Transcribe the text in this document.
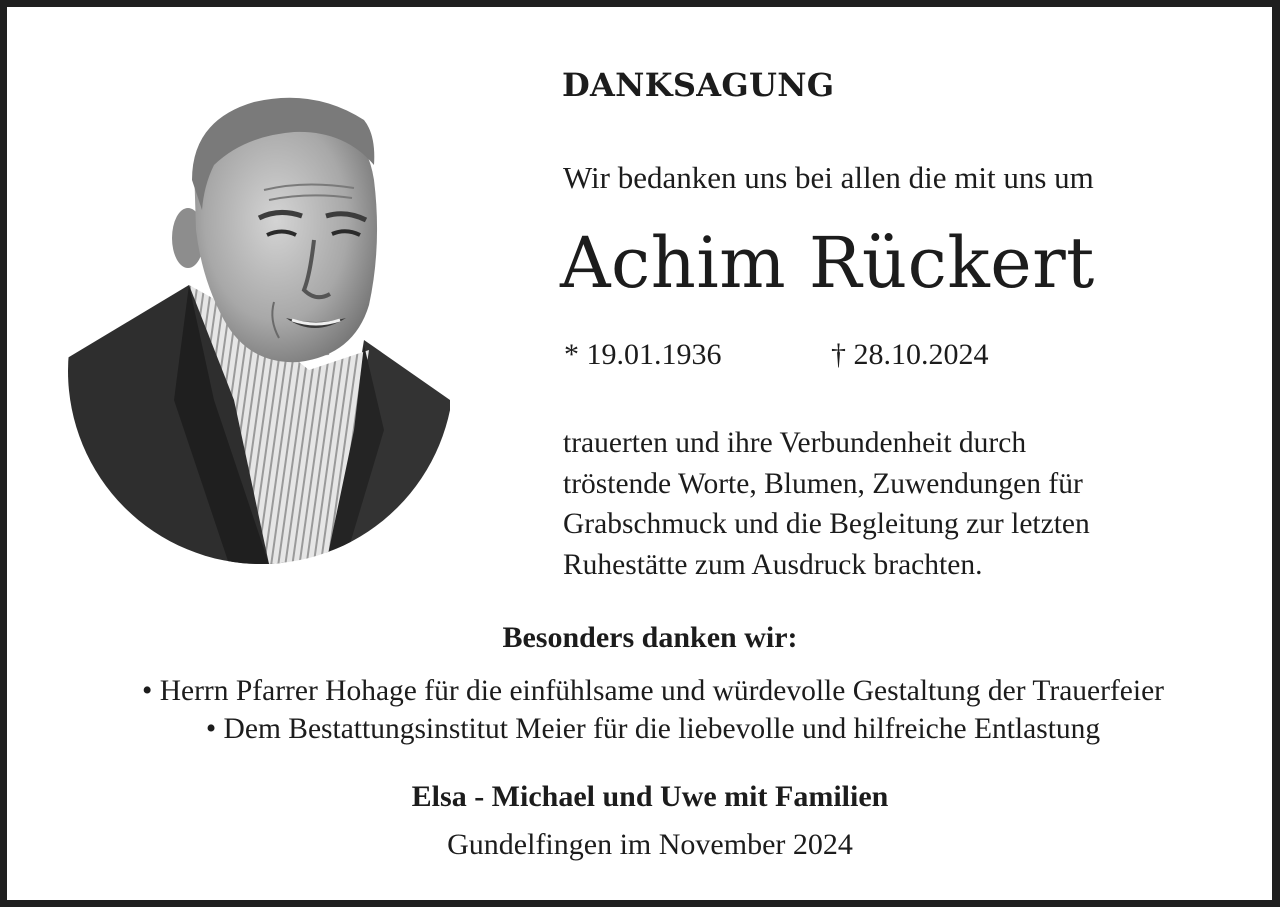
DANKSAGUNG
Wir bedanken uns bei allen die mit uns um
Achim Rückert
* 19.01.1936	† 28.10.2024
trauerten und ihre Verbundenheit durch
tröstende Worte, Blumen, Zuwendungen für
Grabschmuck und die Begleitung zur letzten
Ruhestätte zum Ausdruck brachten.
Besonders danken wir:
• Herrn Pfarrer Hohage für die einfühlsame und würdevolle Gestaltung der Trauerfeier
• Dem Bestattungsinstitut Meier für die liebevolle und hilfreiche Entlastung
Elsa - Michael und Uwe mit Familien
Gundelfingen im November 2024
